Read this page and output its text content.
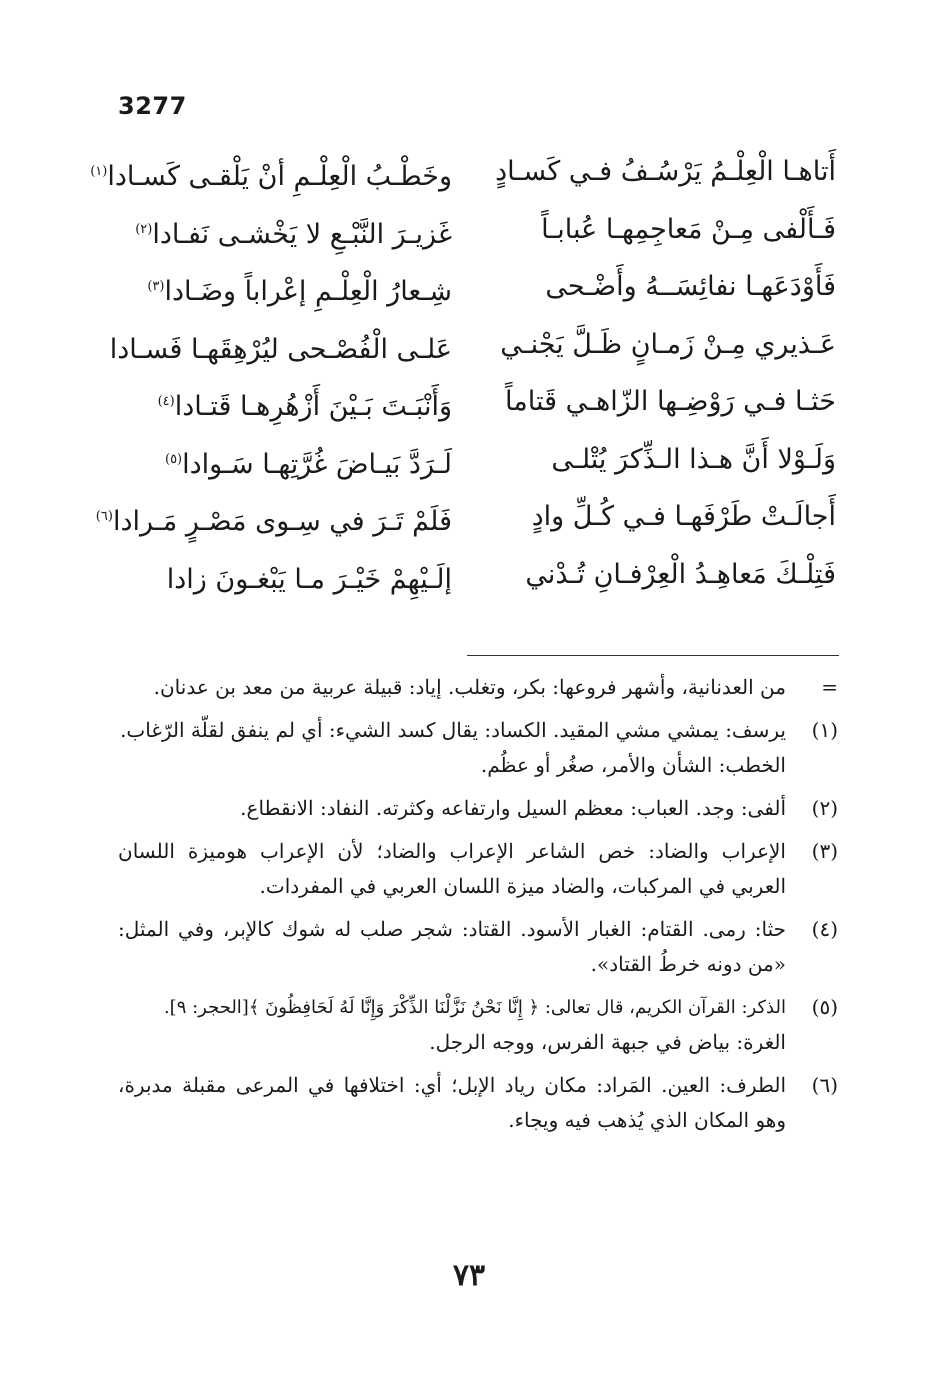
3277
أَتاهـا الْعِلْـمُ يَرْسُـفُ فـي كَسـادٍ
وخَطْـبُ الْعِلْـمِ أنْ يَلْقـى كَسـادا$^{(١)}$
فَـأَلْفى مِـنْ مَعاجِمِهـا عُبابـاً
غَزيـرَ النَّبْـعِ لا يَخْشـى نَفـادا$^{(٢)}$
فَأَوْدَعَهـا نفائِسَــهُ وأَضْـحى
شِـعارُ الْعِلْـمِ إعْراباً وضَـادا$^{(٣)}$
عَـذيري مِـنْ زَمـانٍ ظَـلَّ يَجْنـي
عَلـى الْفُصْـحى ليُرْهِقَهـا فَسـادا
حَثـا فـي رَوْضِـها الزّاهـي قَتاماً
وَأَنْبَـتَ بَـيْنَ أَزْهُرِهـا قَتـادا$^{(٤)}$
وَلَـوْلا أَنَّ هـذا الـذِّكرَ يُتْلـى
لَـرَدَّ بَيـاضَ غُرَّتِهـا سَـوادا$^{(٥)}$
أَجالَـتْ طَرْفَهـا فـي كُـلِّ وادٍ
فَلَمْ تَـرَ في سِـوى مَصْـرٍ مَـرادا$^{(٦)}$
فَتِلْـكَ مَعاهِـدُ الْعِرْفـانِ تُـدْني
إلَـيْهِمْ خَيْـرَ مـا يَبْغـونَ زادا
=
من العدنانية، وأشهر فروعها: بكر، وتغلب. إياد: قبيلة عربية من معد بن عدنان.
(١)
يرسف: يمشي مشي المقيد. الكساد: يقال كسد الشيء: أي لم ينفق لقلّة الرّغاب.
الخطب: الشأن والأمر، صغُر أو عظُم.
(٢)
ألفى: وجد. العباب: معظم السيل وارتفاعه وكثرته. النفاد: الانقطاع.
(٣)
الإعراب والضاد: خص الشاعر الإعراب والضاد؛ لأن الإعراب هوميزة اللسان العربي في المركبات، والضاد ميزة اللسان العربي في المفردات.
(٤)
حثا: رمى. القتام: الغبار الأسود. القتاد: شجر صلب له شوك كالإبر، وفي المثل: «من دونه خرطُ القتاد».
(٥)
الذكر: القرآن الكريم، قال تعالى: ﴿ إِنَّا نَحْنُ نَزَّلْنَا الذِّكْرَ وَإِنَّا لَهُ لَحَافِظُونَ ﴾[الحجر: ٩].
الغرة: بياض في جبهة الفرس، ووجه الرجل.
(٦)
الطرف: العين. المَراد: مكان رياد الإبل؛ أي: اختلافها في المرعى مقبلة مدبرة، وهو المكان الذي يُذهب فيه ويجاء.
٧٣
